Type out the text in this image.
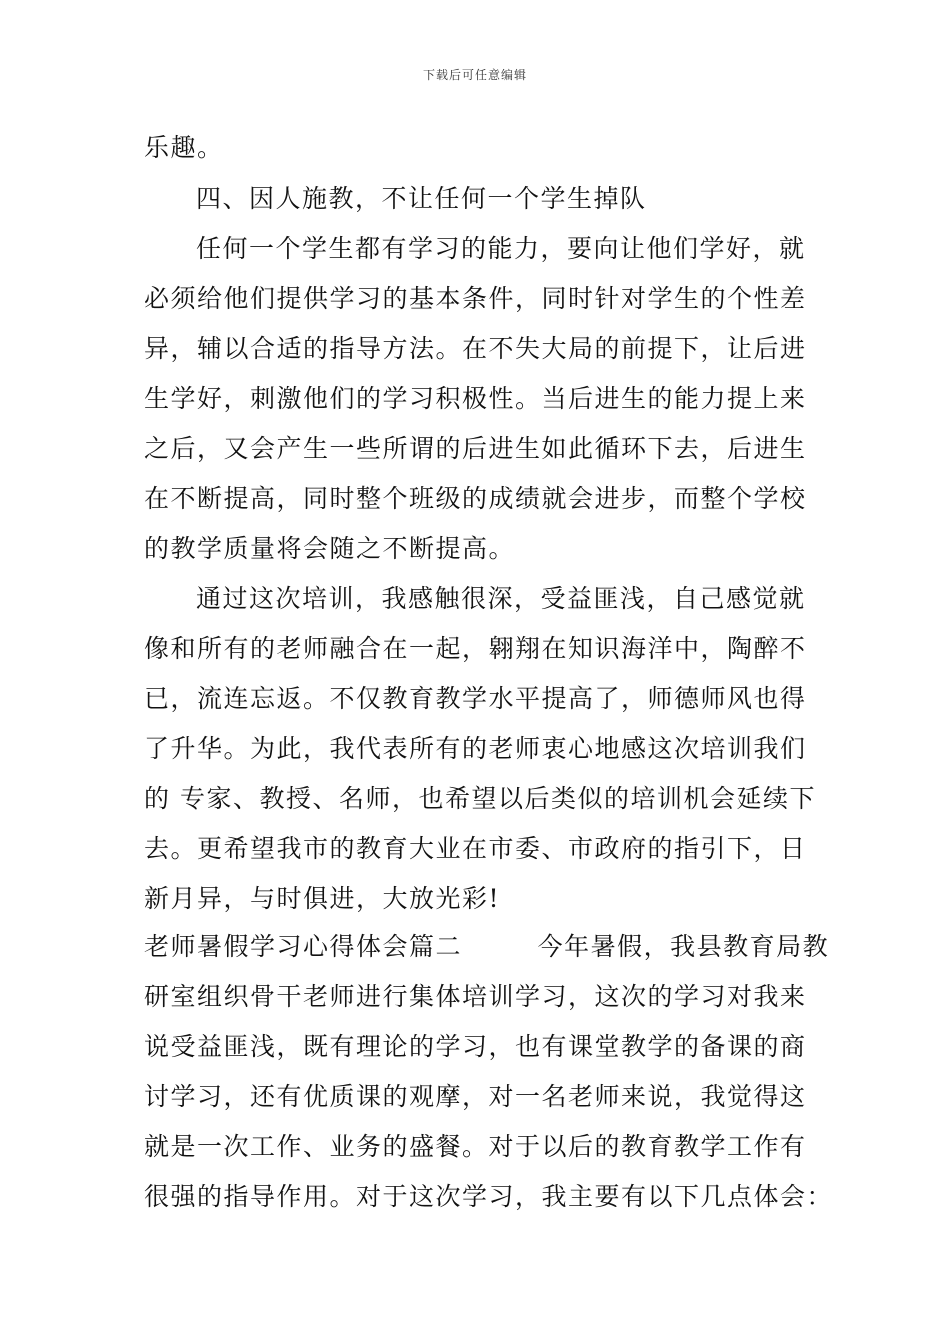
下载后可任意编辑
乐趣。
四、因人施教，不让任何一个学生掉队
任何一个学生都有学习的能力，要向让他们学好，就
必须给他们提供学习的基本条件，同时针对学生的个性差
异，辅以合适的指导方法。在不失大局的前提下，让后进
生学好，刺激他们的学习积极性。当后进生的能力提上来
之后，又会产生一些所谓的后进生如此循环下去，后进生
在不断提高，同时整个班级的成绩就会进步，而整个学校
的教学质量将会随之不断提高。
通过这次培训，我感触很深，受益匪浅，自己感觉就
像和所有的老师融合在一起，翱翔在知识海洋中，陶醉不
已，流连忘返。不仅教育教学水平提高了，师德师风也得
了升华。为此，我代表所有的老师衷心地感这次培训我们
的 专家、教授、名师，也希望以后类似的培训机会延续下
去。更希望我市的教育大业在市委、市政府的指引下，日
新月异，与时俱进，大放光彩!
老师暑假学习心得体会篇二        今年暑假，我县教育局教
研室组织骨干老师进行集体培训学习，这次的学习对我来
说受益匪浅，既有理论的学习，也有课堂教学的备课的商
讨学习，还有优质课的观摩，对一名老师来说，我觉得这
就是一次工作、业务的盛餐。对于以后的教育教学工作有
很强的指导作用。对于这次学习，我主要有以下几点体会：
